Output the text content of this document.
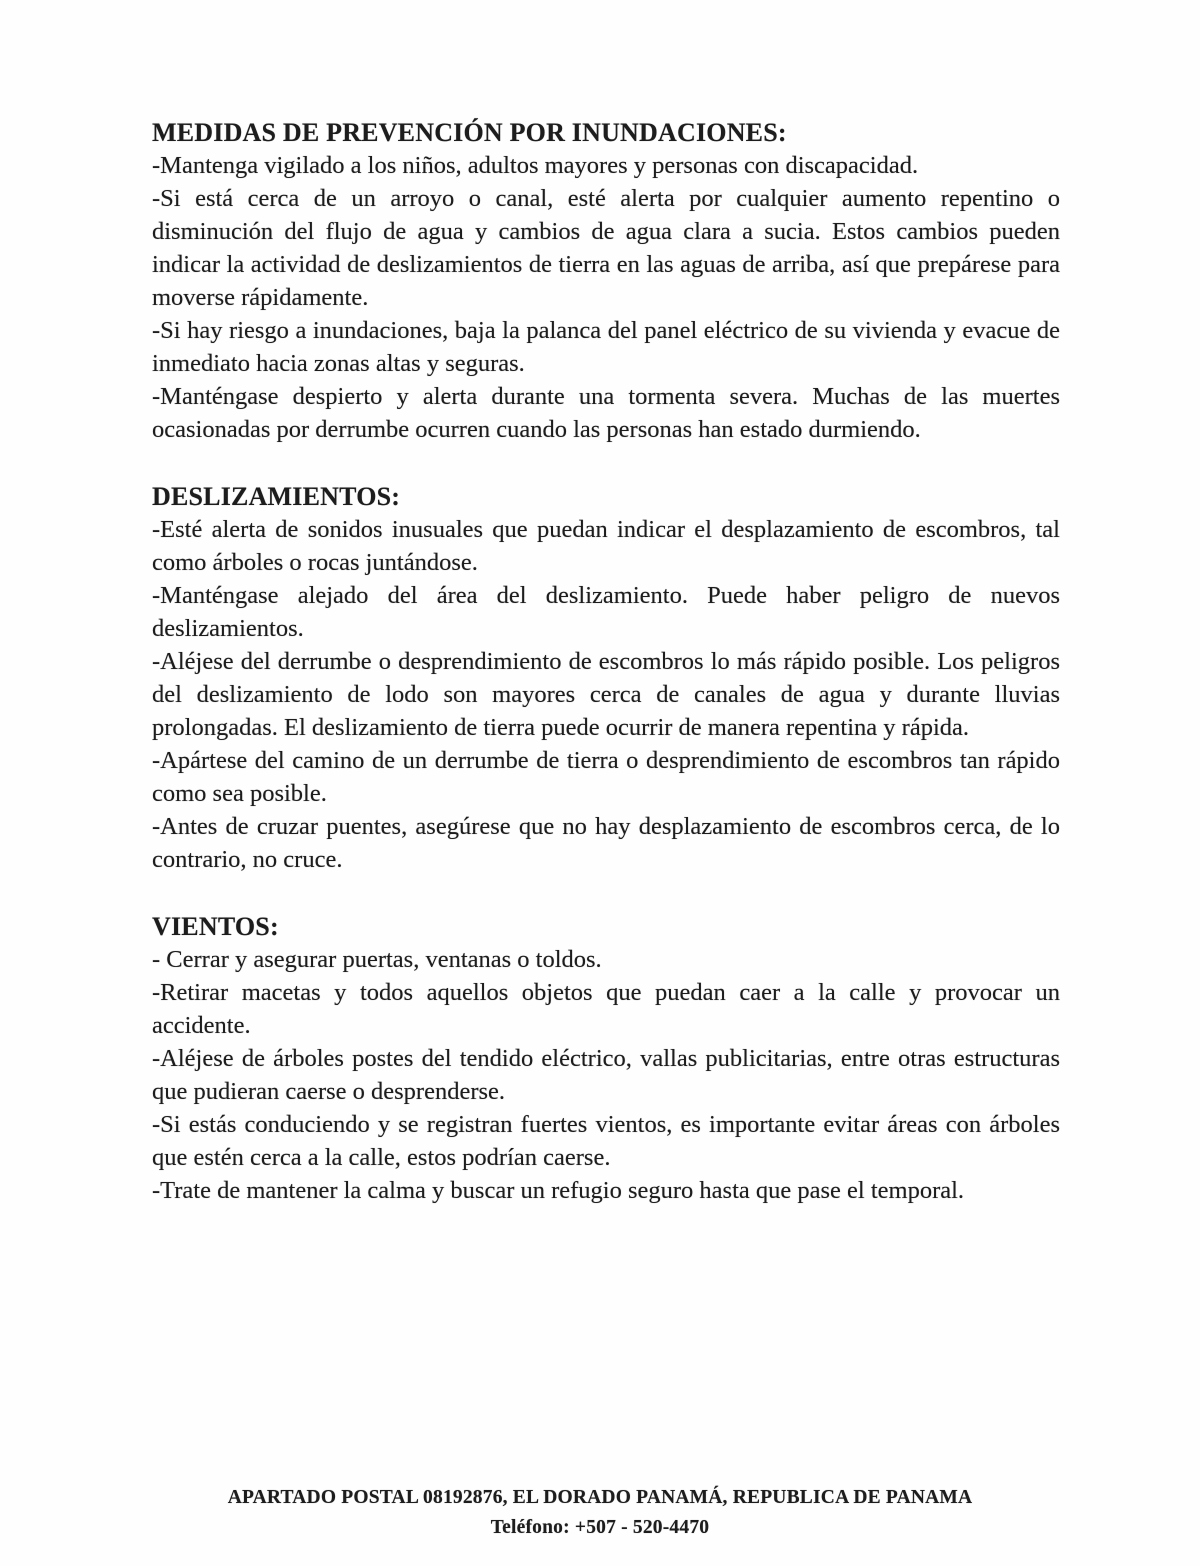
MEDIDAS DE PREVENCIÓN POR INUNDACIONES:

-Mantenga vigilado a los niños, adultos mayores y personas con discapacidad.

-Si está cerca de un arroyo o canal, esté alerta por cualquier aumento repentino o disminución del flujo de agua y cambios de agua clara a sucia. Estos cambios pueden indicar la actividad de deslizamientos de tierra en las aguas de arriba, así que prepárese para moverse rápidamente.

-Si hay riesgo a inundaciones, baja la palanca del panel eléctrico de su vivienda y evacue de inmediato hacia zonas altas y seguras.

-Manténgase despierto y alerta durante una tormenta severa. Muchas de las muertes ocasionadas por derrumbe ocurren cuando las personas han estado durmiendo.

DESLIZAMIENTOS:

-Esté alerta de sonidos inusuales que puedan indicar el desplazamiento de escombros, tal como árboles o rocas juntándose.

-Manténgase alejado del área del deslizamiento. Puede haber peligro de nuevos deslizamientos.

-Aléjese del derrumbe o desprendimiento de escombros lo más rápido posible. Los peligros del deslizamiento de lodo son mayores cerca de canales de agua y durante lluvias prolongadas. El deslizamiento de tierra puede ocurrir de manera repentina y rápida.

-Apártese del camino de un derrumbe de tierra o desprendimiento de escombros tan rápido como sea posible.

-Antes de cruzar puentes, asegúrese que no hay desplazamiento de escombros cerca, de lo contrario, no cruce.

VIENTOS:

- Cerrar y asegurar puertas, ventanas o toldos.

-Retirar macetas y todos aquellos objetos que puedan caer a la calle y provocar un accidente.

-Aléjese de árboles postes del tendido eléctrico, vallas publicitarias, entre otras estructuras que pudieran caerse o desprenderse.

-Si estás conduciendo y se registran fuertes vientos, es importante evitar áreas con árboles que estén cerca a la calle, estos podrían caerse.

-Trate de mantener la calma y buscar un refugio seguro hasta que pase el temporal.

APARTADO POSTAL 08192876, EL DORADO PANAMÁ, REPUBLICA DE PANAMA

Teléfono: +507 - 520-4470
